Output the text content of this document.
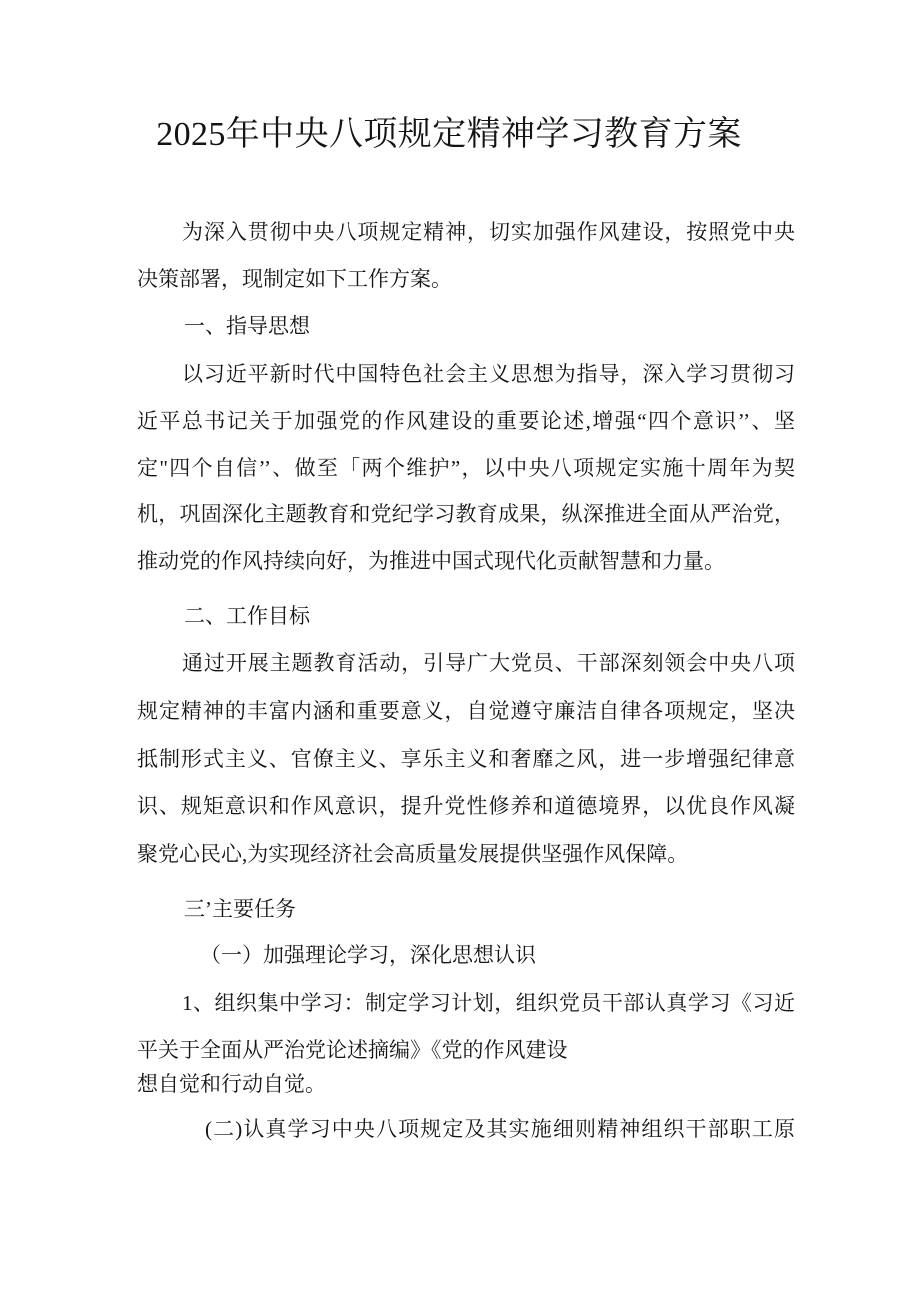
2025年中央八项规定精神学习教育方案
为深入贯彻中央八项规定精神，切实加强作风建设，按照党中央
决策部署，现制定如下工作方案。
一、指导思想
以习近平新时代中国特色社会主义思想为指导，深入学习贯彻习
近平总书记关于加强党的作风建设的重要论述,增强“四个意识’’、坚
定"四个自信’’、做至「两个维护”，以中央八项规定实施十周年为契
机，巩固深化主题教育和党纪学习教育成果，纵深推进全面从严治党，
推动党的作风持续向好，为推进中国式现代化贡献智慧和力量。
二、工作目标
通过开展主题教育活动，引导广大党员、干部深刻领会中央八项
规定精神的丰富内涵和重要意义，自觉遵守廉洁自律各项规定，坚决
抵制形式主义、官僚主义、享乐主义和奢靡之风，进一步增强纪律意
识、规矩意识和作风意识，提升党性修养和道德境界，以优良作风凝
聚党心民心,为实现经济社会高质量发展提供坚强作风保障。
三’主要任务
（一）加强理论学习，深化思想认识
1、组织集中学习：制定学习计划，组织党员干部认真学习《习近
平关于全面从严治党论述摘编》《党的作风建设
想自觉和行动自觉。
(二)认真学习中央八项规定及其实施细则精神组织干部职工原
